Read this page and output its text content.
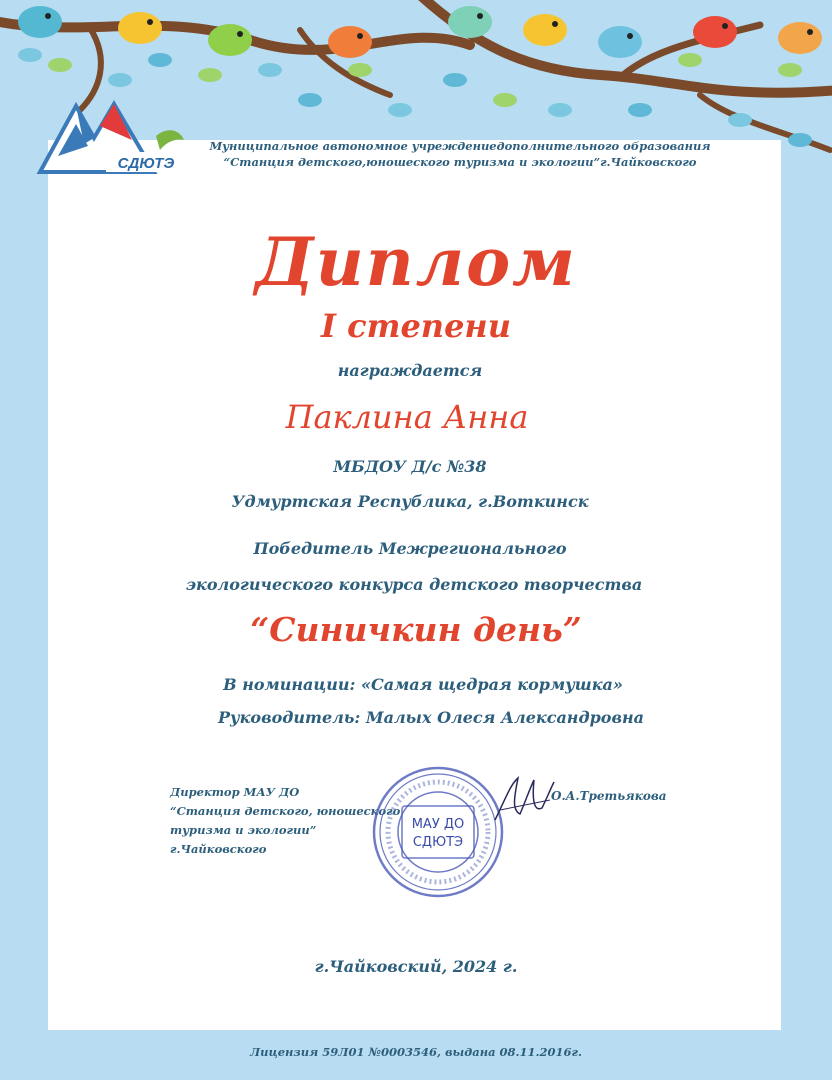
СДЮТЭ
Муниципальное автономное учреждениедополнительного образования
“Станция детского,юношеского туризма и экологии”г.Чайковского
Диплом
I степени
награждается
Паклина Анна
МБДОУ Д/с №38
Удмуртская Республика, г.Воткинск
Победитель Межрегионального
экологического конкурса детского творчества
“Синичкин день”
В номинации: «Самая щедрая кормушка»
Руководитель: Малых Олеся Александровна
Директор МАУ ДО
“Станция детского, юношеского
туризма и экологии”
г.Чайковского
МАУ ДО
СДЮТЭ
О.А.Третьякова
г.Чайковский, 2024 г.
Лицензия 59Л01 №0003546, выдана 08.11.2016г.
